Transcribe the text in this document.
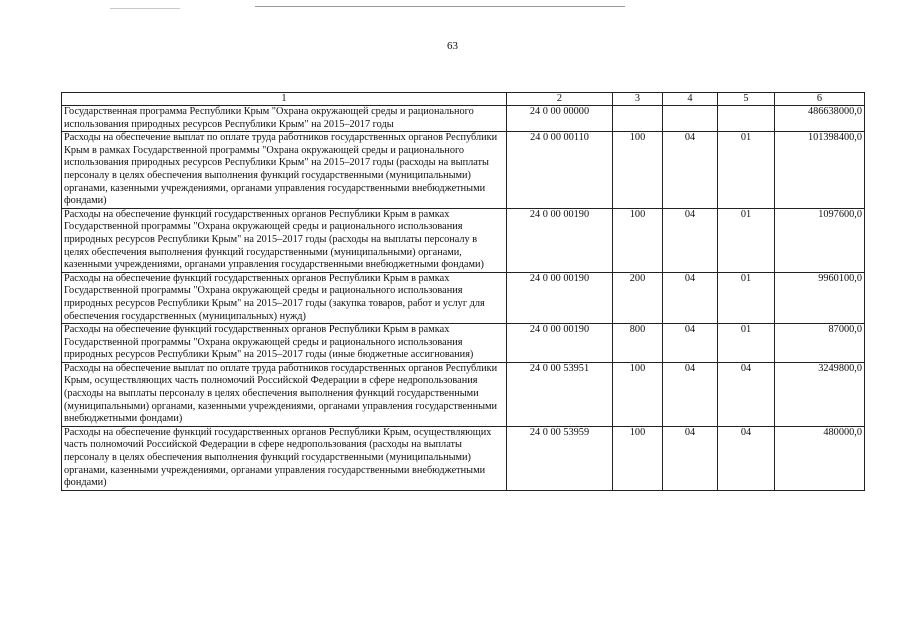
63
1	2	3	4	5	6
Государственная программа Республики Крым "Охрана окружающей среды и рационального использования природных ресурсов Республики Крым" на 2015–2017 годы	24 0 00 00000				486638000,0
Расходы на обеспечение выплат по оплате труда работников государственных органов Республики Крым в рамках Государственной программы "Охрана окружающей среды и рационального использования природных ресурсов Республики Крым" на 2015–2017 годы (расходы на выплаты персоналу в целях обеспечения выполнения функций государственными (муниципальными) органами, казенными учреждениями, органами управления государственными внебюджетными фондами)	24 0 00 00110	100	04	01	101398400,0
Расходы на обеспечение функций государственных органов Республики Крым в рамках Государственной программы "Охрана окружающей среды и рационального использования природных ресурсов Республики Крым" на 2015–2017 годы (расходы на выплаты персоналу в целях обеспечения выполнения функций государственными (муниципальными) органами, казенными учреждениями, органами управления государственными внебюджетными фондами)	24 0 00 00190	100	04	01	1097600,0
Расходы на обеспечение функций государственных органов Республики Крым в рамках Государственной программы "Охрана окружающей среды и рационального использования природных ресурсов Республики Крым" на 2015–2017 годы (закупка товаров, работ и услуг для обеспечения государственных (муниципальных) нужд)	24 0 00 00190	200	04	01	9960100,0
Расходы на обеспечение функций государственных органов Республики Крым в рамках Государственной программы "Охрана окружающей среды и рационального использования природных ресурсов Республики Крым" на 2015–2017 годы (иные бюджетные ассигнования)	24 0 00 00190	800	04	01	87000,0
Расходы на обеспечение выплат по оплате труда работников государственных органов Республики Крым, осуществляющих часть полномочий Российской Федерации в сфере недропользования (расходы на выплаты персоналу в целях обеспечения выполнения функций государственными (муниципальными) органами, казенными учреждениями, органами управления государственными внебюджетными фондами)	24 0 00 53951	100	04	04	3249800,0
Расходы на обеспечение функций государственных органов Республики Крым, осуществляющих часть полномочий Российской Федерации в сфере недропользования (расходы на выплаты персоналу в целях обеспечения выполнения функций государственными (муниципальными) органами, казенными учреждениями, органами управления государственными внебюджетными фондами)	24 0 00 53959	100	04	04	480000,0
